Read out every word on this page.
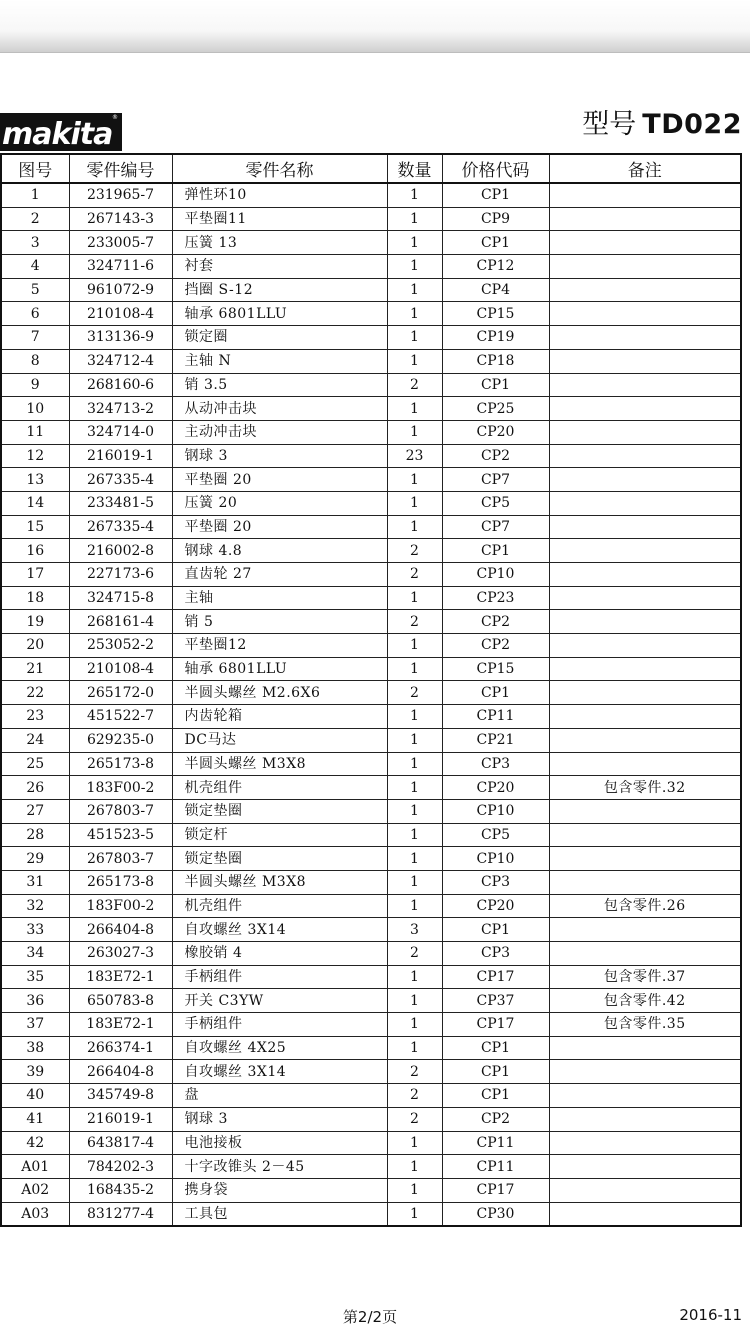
makita ®	型号 TD022
图号	零件编号	零件名称	数量	价格代码	备注
1	231965-7	弹性环10	1	CP1	
2	267143-3	平垫圈11	1	CP9	
3	233005-7	压簧 13	1	CP1	
4	324711-6	衬套	1	CP12	
5	961072-9	挡圈 S-12	1	CP4	
6	210108-4	轴承 6801LLU	1	CP15	
7	313136-9	锁定圈	1	CP19	
8	324712-4	主轴 N	1	CP18	
9	268160-6	销 3.5	2	CP1	
10	324713-2	从动冲击块	1	CP25	
11	324714-0	主动冲击块	1	CP20	
12	216019-1	钢球 3	23	CP2	
13	267335-4	平垫圈 20	1	CP7	
14	233481-5	压簧 20	1	CP5	
15	267335-4	平垫圈 20	1	CP7	
16	216002-8	钢球 4.8	2	CP1	
17	227173-6	直齿轮 27	2	CP10	
18	324715-8	主轴	1	CP23	
19	268161-4	销 5	2	CP2	
20	253052-2	平垫圈12	1	CP2	
21	210108-4	轴承 6801LLU	1	CP15	
22	265172-0	半圆头螺丝 M2.6X6	2	CP1	
23	451522-7	内齿轮箱	1	CP11	
24	629235-0	DC马达	1	CP21	
25	265173-8	半圆头螺丝 M3X8	1	CP3	
26	183F00-2	机壳组件	1	CP20	包含零件.32
27	267803-7	锁定垫圈	1	CP10	
28	451523-5	锁定杆	1	CP5	
29	267803-7	锁定垫圈	1	CP10	
31	265173-8	半圆头螺丝 M3X8	1	CP3	
32	183F00-2	机壳组件	1	CP20	包含零件.26
33	266404-8	自攻螺丝 3X14	3	CP1	
34	263027-3	橡胶销 4	2	CP3	
35	183E72-1	手柄组件	1	CP17	包含零件.37
36	650783-8	开关 C3YW	1	CP37	包含零件.42
37	183E72-1	手柄组件	1	CP17	包含零件.35
38	266374-1	自攻螺丝 4X25	1	CP1	
39	266404-8	自攻螺丝 3X14	2	CP1	
40	345749-8	盘	2	CP1	
41	216019-1	钢球 3	2	CP2	
42	643817-4	电池接板	1	CP11	
A01	784202-3	十字改锥头 2－45	1	CP11	
A02	168435-2	携身袋	1	CP17	
A03	831277-4	工具包	1	CP30	
第2/2页	2016-11
